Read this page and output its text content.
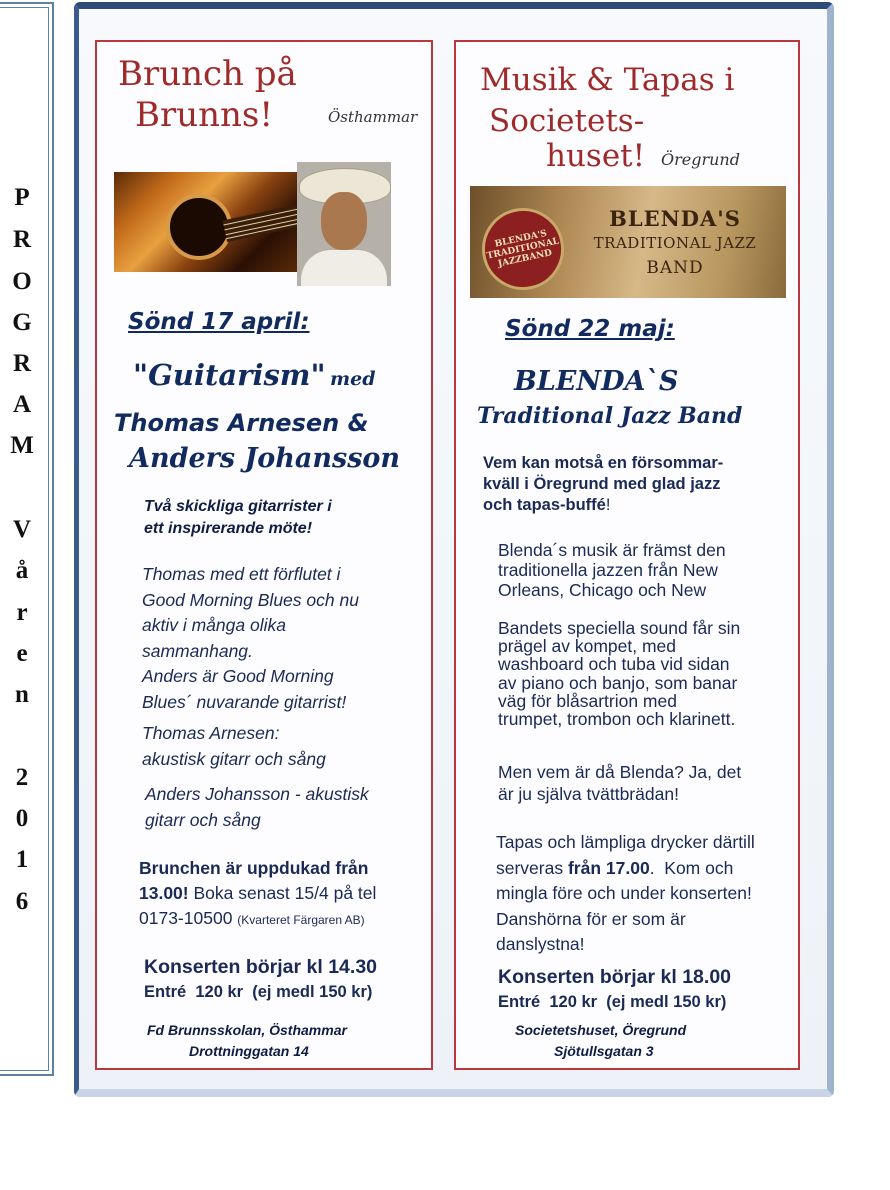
P
R
O
G
R
A
M
V
å
r
e
n
2
0
1
6
Brunch på
Brunns!	Östhammar
Sönd 17 april:
"Guitarism" med
Thomas Arnesen &
Anders Johansson
Två skickliga gitarrister i
ett inspirerande möte!
Thomas med ett förflutet i
Good Morning Blues och nu
aktiv i många olika
sammanhang.
Anders är Good Morning
Blues´ nuvarande gitarrist!
Thomas Arnesen:
akustisk gitarr och sång
Anders Johansson - akustisk
gitarr och sång
Brunchen är uppdukad från
13.00! Boka senast 15/4 på tel
0173-10500 (Kvarteret Färgaren AB)
Konserten börjar kl 14.30
Entré  120 kr  (ej medl 150 kr)
Fd Brunnsskolan, Östhammar
Drottninggatan 14
Musik & Tapas i
Societets-
huset! Öregrund
BLENDA'S TRADITIONAL JAZZBAND
BLENDA'S
TRADITIONAL JAZZ
BAND
Sönd 22 maj:
BLENDA`S
Traditional Jazz Band
Vem kan motså en försommar-
kväll i Öregrund med glad jazz
och tapas-buffé!
Blenda´s musik är främst den
traditionella jazzen från New
Orleans, Chicago och New
Bandets speciella sound får sin
prägel av kompet, med
washboard och tuba vid sidan
av piano och banjo, som banar
väg för blåsartrion med
trumpet, trombon och klarinett.
Men vem är då Blenda? Ja, det
är ju själva tvättbrädan!
Tapas och lämpliga drycker därtill
serveras från 17.00.  Kom och
mingla före och under konserten!
Danshörna för er som är
danslystna!
Konserten börjar kl 18.00
Entré  120 kr  (ej medl 150 kr)
Societetshuset, Öregrund
Sjötullsgatan 3
